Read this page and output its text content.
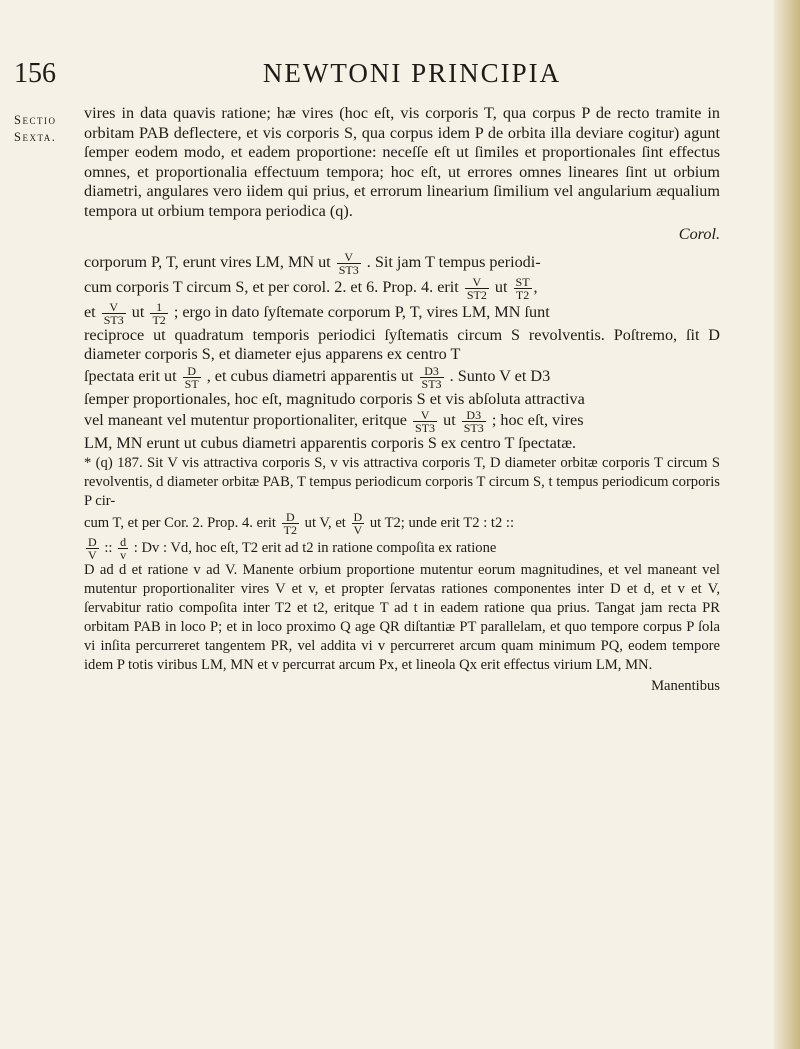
156	NEWTONI PRINCIPIA
Sectio
Sexta.

vires in data quavis ratione; hæ vires (hoc eſt, vis corporis T, qua corpus P de recto tramite in orbitam PAB deflectere, et vis corporis S, qua corpus idem P de orbita illa deviare cogitur) agunt ſemper eodem modo, et eadem proportione: neceſſe eſt ut ſimiles et proportionales ſint effectus omnes, et proportionalia effectuum tempora; hoc eſt, ut errores omnes lineares ſint ut orbium diametri, angulares vero iidem qui prius, et errorum linearium ſimilium vel angularium æqualium tempora ut orbium tempora periodica (q).

Corol.

corporum P, T, erunt vires LM, MN ut $\frac{V}{ST3}$ . Sit jam T tempus periodi-

cum corporis T circum S, et per corol. 2. et 6. Prop. 4. erit $\frac{V}{ST2}$ ut $\frac{ST}{T2}$ ,

et $\frac{V}{ST3}$ ut $\frac{1}{T2}$ ; ergo in dato ſyſtemate corporum P, T, vires LM, MN ſunt

reciproce ut quadratum temporis periodici ſyſtematis circum S revolventis. Poſtremo, ſit D diameter corporis S, et diameter ejus apparens ex centro T

ſpectata erit ut $\frac{D}{ST}$ , et cubus diametri apparentis ut $\frac{D3}{ST3}$ . Sunto V et D3

ſemper proportionales, hoc eſt, magnitudo corporis S et vis abſoluta attractiva

vel maneant vel mutentur proportionaliter, eritque $\frac{V}{ST3}$ ut $\frac{D3}{ST3}$ ; hoc eſt, vires

LM, MN erunt ut cubus diametri apparentis corporis S ex centro T ſpectatæ.

* (q) 187. Sit V vis attractiva corporis S, v vis attractiva corporis T, D diameter orbitæ corporis T circum S revolventis, d diameter orbitæ PAB, T tempus periodicum corporis T circum S, t tempus periodicum corporis P cir-

cum T, et per Cor. 2. Prop. 4. erit $\frac{D}{T2}$ ut V, et $\frac{D}{V}$ ut T2; unde erit T2 : t2 ::

$\frac{D}{V}$ :: $\frac{d}{v}$ : Dv : Vd, hoc eſt, T2 erit ad t2 in ratione compoſita ex ratione

D ad d et ratione v ad V. Manente orbium proportione mutentur eorum magnitudines, et vel maneant vel mutentur proportionaliter vires V et v, et propter ſervatas rationes componentes inter D et d, et v et V, ſervabitur ratio compoſita inter T2 et t2, eritque T ad t in eadem ratione qua prius. Tangat jam recta PR orbitam PAB in loco P; et in loco proximo Q age QR diſtantiæ PT parallelam, et quo tempore corpus P ſola vi inſita percurreret tangentem PR, vel addita vi v percurreret arcum quam minimum PQ, eodem tempore idem P totis viribus LM, MN et v percurrat arcum Px, et lineola Qx erit effectus virium LM, MN.

Manentibus
